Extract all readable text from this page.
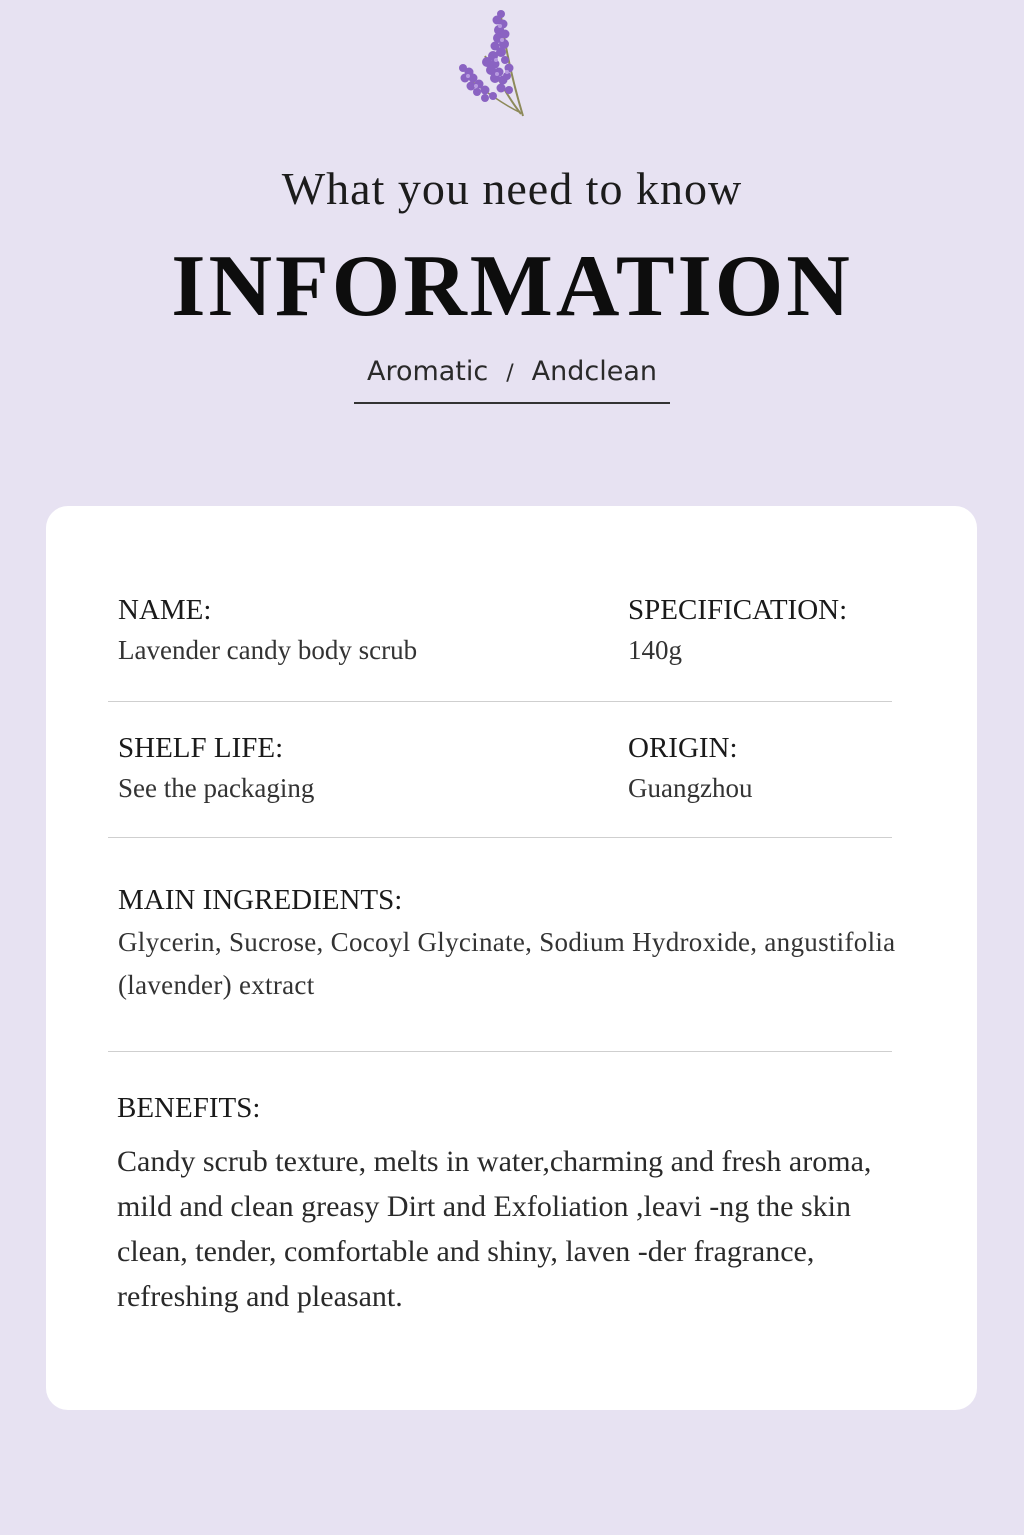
What you need to know
INFORMATION
Aromatic / Andclean
NAME:
Lavender candy body scrub
SPECIFICATION:
140g
SHELF LIFE:
See the packaging
ORIGIN:
Guangzhou
MAIN INGREDIENTS:
Glycerin, Sucrose, Cocoyl Glycinate, Sodium Hydroxide, angustifolia (lavender) extract
BENEFITS:
Candy scrub texture, melts in water,charming and fresh aroma, mild and clean greasy Dirt and Exfoliation ,leavi -ng the skin clean, tender, comfortable and shiny, laven -der fragrance, refreshing and pleasant.
